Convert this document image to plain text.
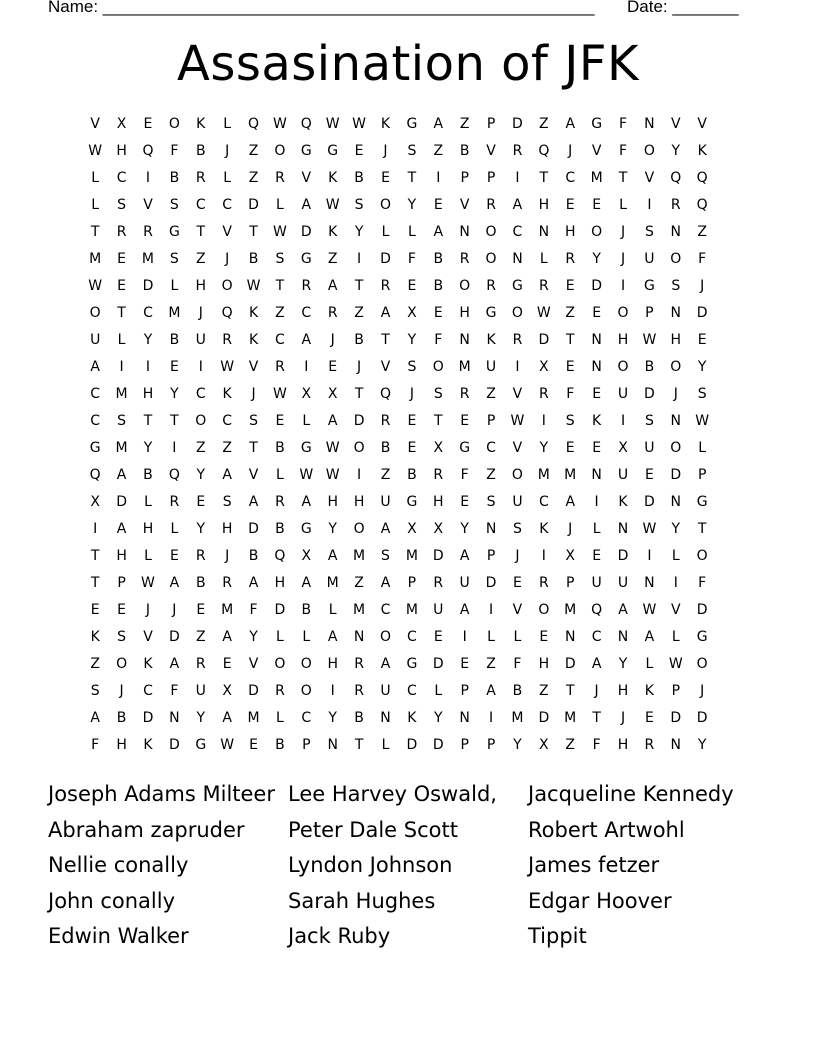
Name: ____________________________________________________ Date: _______
Assasination of JFK
V	X	E	O	K	L	Q W Q W W	K	G	A	Z	P	D	Z	A	G	F	N	V	V
W	H	Q	F	B	J	Z	O	G	G	E	J	S	Z	B	V	R	Q	J	V	F	O	Y	K
L	C	I	B	R	L	Z	R	V	K	B	E	T	I	P	P	I	T	C	M	T	V	Q	Q
L	S	V	S	C	C	D	L	A	W	S	O	Y	E	V	R	A	H	E	E	L	I	R	Q
T	R	R	G	T	V	T	W	D	K	Y	L	L	A	N	O	C	N	H	O	J	S	N	Z
M	E	M	S	Z	J	B	S	G	Z	I	D	F	B	R	O	N	L	R	Y	J	U	O	F
W	E	D	L	H	O W	T	R	A	T	R	E	B	O	R	G	R	E	D	I	G	S	J
O	T	C	M	J	Q	K	Z	C	R	Z	A	X	E	H	G	O W	Z	E	O	P	N	D
U	L	Y	B	U	R	K	C	A	J	B	T	Y	F	N	K	R	D	T	N	H	W	H	E
A	I	I	E	I	W	V	R	I	E	J	V	S	O	M	U	I	X	E	N	O	B	O	Y
C	M	H	Y	C	K	J	W	X	X	T	Q	J	S	R	Z	V	R	F	E	U	D	J	S
C	S	T	T	O	C	S	E	L	A	D	R	E	T	E	P	W	I	S	K	I	S	N	W
G	M	Y	I	Z	Z	T	B	G	W O	B	E	X	G	C	V	Y	E	E	X	U	O	L
Q	A	B	Q	Y	A	V	L	W W	I	Z	B	R	F	Z	O	M	M	N	U	E	D	P
X	D	L	R	E	S	A	R	A	H	H	U	G	H	E	S	U	C	A	I	K	D	N	G
I	A	H	L	Y	H	D	B	G	Y	O	A	X	X	Y	N	S	K	J	L	N	W	Y	T
T	H	L	E	R	J	B	Q	X	A	M	S	M	D	A	P	J	I	X	E	D	I	L	O
T	P	W	A	B	R	A	H	A	M	Z	A	P	R	U	D	E	R	P	U	U	N	I	F
E	E	J	J	E	M	F	D	B	L	M	C	M	U	A	I	V	O	M	Q	A	W	V	D
K	S	V	D	Z	A	Y	L	L	A	N	O	C	E	I	L	L	E	N	C	N	A	L	G
Z	O	K	A	R	E	V	O	O	H	R	A	G	D	E	Z	F	H	D	A	Y	L	W O
S	J	C	F	U	X	D	R	O	I	R	U	C	L	P	A	B	Z	T	J	H	K	P	J
A	B	D	N	Y	A	M	L	C	Y	B	N	K	Y	N	I	M	D	M	T	J	E	D	D
F	H	K	D	G	W	E	B	P	N	T	L	D	D	P	P	Y	X	Z	F	H	R	N	Y
Joseph Adams Milteer
Abraham zapruder
Nellie conally
John conally
Edwin Walker
Lee Harvey Oswald,
Peter Dale Scott
Lyndon Johnson
Sarah Hughes
Jack Ruby
Jacqueline Kennedy
Robert Artwohl
James fetzer
Edgar Hoover
Tippit
